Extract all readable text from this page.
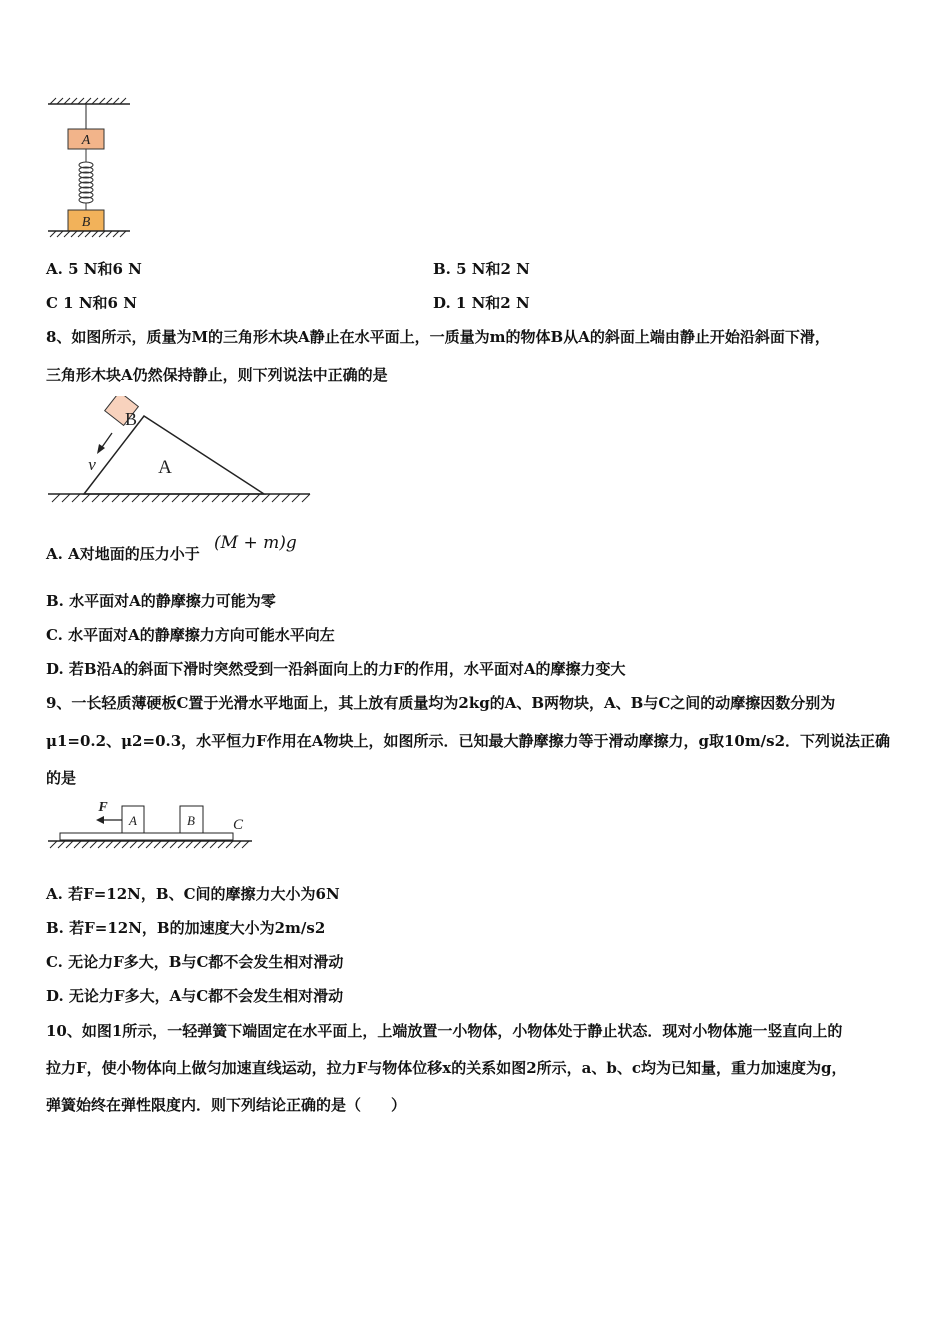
A
B
A. 5 N和6 N	B. 5 N和2 N
C 1 N和6 N	D. 1 N和2 N
8、如图所示，质量为M的三角形木块A静止在水平面上，一质量为m的物体B从A的斜面上端由静止开始沿斜面下滑，
三角形木块A仍然保持静止，则下列说法中正确的是
A
B
v
A. A对地面的压力小于
(M + m)g
B. 水平面对A的静摩擦力可能为零
C. 水平面对A的静摩擦力方向可能水平向左
D. 若B沿A的斜面下滑时突然受到一沿斜面向上的力F的作用，水平面对A的摩擦力变大
9、一长轻质薄硬板C置于光滑水平地面上，其上放有质量均为2kg的A、B两物块，A、B与C之间的动摩擦因数分别为
μ1=0.2、μ2=0.3，水平恒力F作用在A物块上，如图所示．已知最大静摩擦力等于滑动摩擦力，g取10m/s2．下列说法正确
的是
F
A	B	C
A. 若F=12N，B、C间的摩擦力大小为6N
B. 若F=12N，B的加速度大小为2m/s2
C. 无论力F多大，B与C都不会发生相对滑动
D. 无论力F多大，A与C都不会发生相对滑动
10、如图1所示，一轻弹簧下端固定在水平面上，上端放置一小物体，小物体处于静止状态．现对小物体施一竖直向上的
拉力F，使小物体向上做匀加速直线运动，拉力F与物体位移x的关系如图2所示，a、b、c均为已知量，重力加速度为g，
弹簧始终在弹性限度内．则下列结论正确的是（　　）
